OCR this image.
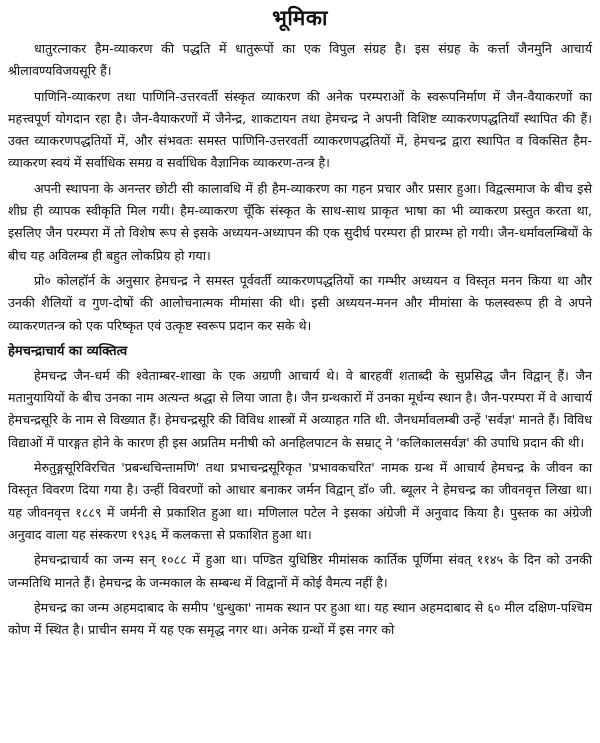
भूमिका

धातुरत्नाकर हैम-व्याकरण की पद्धति में धातुरूपों का एक विपुल संग्रह है। इस संग्रह के कर्त्ता जैनमुनि आचार्य श्रीलावण्यविजयसूरि हैं।

पाणिनि-व्याकरण तथा पाणिनि-उत्तरवर्ती संस्कृत व्याकरण की अनेक परम्पराओं के स्वरूपनिर्माण में जैन-वैयाकरणों का महत्त्वपूर्ण योगदान रहा है। जैन-वैयाकरणों में जैनेन्द्र, शाकटायन तथा हेमचन्द्र ने अपनी विशिष्ट व्याकरणपद्धतियाँ स्थापित की हैं। उक्त व्याकरणपद्धतियों में, और संभवतः समस्त पाणिनि-उत्तरवर्ती व्याकरणपद्धतियों में, हेमचन्द्र द्वारा स्थापित व विकसित हैम-व्याकरण स्वयं में सर्वाधिक समग्र व सर्वाधिक वैज्ञानिक व्याकरण-तन्त्र है।

अपनी स्थापना के अनन्तर छोटी सी कालावधि में ही हैम-व्याकरण का गहन प्रचार और प्रसार हुआ। विद्वत्समाज के बीच इसे शीघ्र ही व्यापक स्वीकृति मिल गयी। हैम-व्याकरण चूँकि संस्कृत के साथ-साथ प्राकृत भाषा का भी व्याकरण प्रस्तुत करता था, इसलिए जैन परम्परा में तो विशेष रूप से इसके अध्ययन-अध्यापन की एक सुदीर्घ परम्परा ही प्रारम्भ हो गयी। जैन-धर्मावलम्बियों के बीच यह अविलम्ब ही बहुत लोकप्रिय हो गया।

प्रो० कोलहॉर्न के अनुसार हेमचन्द्र ने समस्त पूर्ववर्ती व्याकरणपद्धतियों का गम्भीर अध्ययन व विस्तृत मनन किया था और उनकी शैलियों व गुण-दोषों की आलोचनात्मक मीमांसा की थी। इसी अध्ययन-मनन और मीमांसा के फलस्वरूप ही वे अपने व्याकरणतन्त्र को एक परिष्कृत एवं उत्कृष्ट स्वरूप प्रदान कर सके थे।

हेमचन्द्राचार्य का व्यक्तित्व

हेमचन्द्र जैन-धर्म की श्वेताम्बर-शाखा के एक अग्रणी आचार्य थे। वे बारहवीं शताब्दी के सुप्रसिद्ध जैन विद्वान् हैं। जैन मतानुयायियों के बीच उनका नाम अत्यन्त श्रद्धा से लिया जाता है। जैन ग्रन्थकारों में उनका मूर्धन्य स्थान है। जैन-परम्परा में वे आचार्य हेमचन्द्रसूरि के नाम से विख्यात हैं। हेमचन्द्रसूरि की विविध शास्त्रों में अव्याहत गति थी. जैनधर्मावलम्बी उन्हें 'सर्वज्ञ' मानते हैं। विविध विद्याओं में पारङ्गत होने के कारण ही इस अप्रतिम मनीषी को अनहिलपाटन के सम्राट् ने 'कलिकालसर्वज्ञ' की उपाधि प्रदान की थी।

मेरुतुङ्गसूरिविरचित 'प्रबन्धचिन्तामणि' तथा प्रभाचन्द्रसूरिकृत 'प्रभावकचरित' नामक ग्रन्थ में आचार्य हेमचन्द्र के जीवन का विस्तृत विवरण दिया गया है। उन्हीं विवरणों को आधार बनाकर जर्मन विद्वान् डॉ० जी. ब्यूलर ने हेमचन्द्र का जीवनवृत्त लिखा था। यह जीवनवृत्त १८८९ में जर्मनी से प्रकाशित हुआ था। मणिलाल पटेल ने इसका अंग्रेजी में अनुवाद किया है। पुस्तक का अंग्रेजी अनुवाद वाला यह संस्करण १९३६ में कलकत्ता से प्रकाशित हुआ था।

हेमचन्द्राचार्य का जन्म सन् १०८८ में हुआ था। पण्डित युधिष्ठिर मीमांसक कार्तिक पूर्णिमा संवत् ११४५ के दिन को उनकी जन्मतिथि मानते हैं। हेमचन्द्र के जन्मकाल के सम्बन्ध में विद्वानों में कोई वैमत्य नहीं है।

हेमचन्द्र का जन्म अहमदाबाद के समीप 'धुन्धुका' नामक स्थान पर हुआ था। यह स्थान अहमदाबाद से ६० मील दक्षिण-पश्चिम कोण में स्थित है। प्राचीन समय में यह एक समृद्ध नगर था। अनेक ग्रन्थों में इस नगर को
